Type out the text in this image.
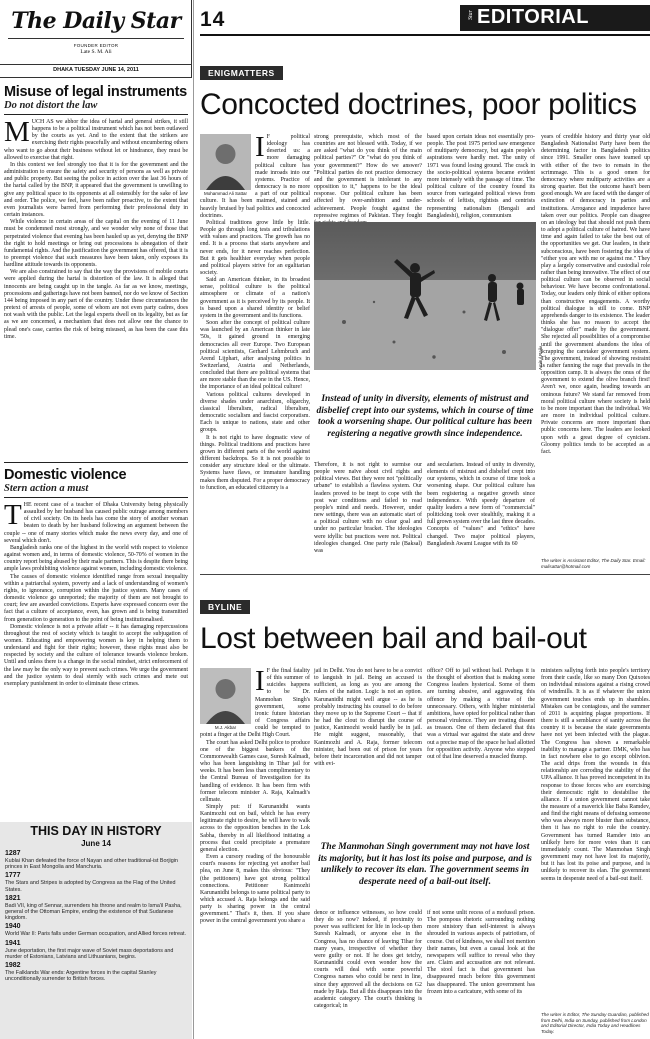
The Daily Star
FOUNDER EDITOR
Late S. M. Ali
DHAKA TUESDAY JUNE 14, 2011
Misuse of legal instruments
Do not distort the law
M UCH AS we abhor the idea of hartal and general strikes, it still happens to be a political instrument which has not been outlawed by the courts as yet. And to the extent that the strikers are exercising their rights peacefully and without encumbering others who want to go about their business without let or hindrance, they must be allowed to exercise that right.

In this context we feel strongly too that it is for the government and the administration to ensure the safety and security of persons as well as private and public property. But seeing the police in action over the last 36 hours of the hartal called by the BNP, it appeared that the government is unwilling to give any political space to its opponents at all ostensibly for the sake of law and order. The police, we feel, have been rather proactive, to the extent that even journalists were barred from performing their professional duty in certain instances.

While violence in certain areas of the capital on the evening of 11 June must be condemned most strongly, and we wonder why none of those that perpetrated violence that evening has been hauled up as yet, denying the BNP the right to hold meetings or bring out processions is abnegation of their fundamental rights. And the justification the government has offered, that it is to preempt violence that such measures have been taken, only exposes its hardline attitude towards its opponents.

We are also constrained to say that the way the provisions of mobile courts were applied during the hartal is distortion of the law. It is alleged that innocents are being caught up in the tangle. As far as we know, meetings, processions and gatherings have not been banned, nor do we know of Section 144 being imposed in any part of the country. Under these circumstances the pretext of arrests of people, some of whom are not even party cadres, does not wash with the public. Let the legal experts dwell on its legality, but as far as we are concerned, a mechanism that does not allow one the chance to plead one's case, carries the risk of being misused, as has been the case this time.

Domestic violence
Stern action a must
T HE recent case of a teacher of Dhaka University being physically assaulted by her husband has caused public outrage among members of civil society. On its heels has come the story of another woman beaten to death by her husband following an argument between the couple -- one of many stories which make the news every day, and one of several which don't.

Bangladesh ranks one of the highest in the world with respect to violence against women and, in terms of domestic violence, 50-70% of women in the country report being abused by their male partners. This is despite there being ample laws prohibiting violence against women, including domestic violence.

The causes of domestic violence identified range from sexual inequality within a patriarchal system, poverty and a lack of understanding of women's rights, to ignorance, corruption within the justice system. Many cases of domestic violence go unreported; the majority of them are not brought to court; few are awarded convictions. Experts have expressed concern over the fact that a culture of acceptance, even, has grown and is being transmitted from generation to generation to the point of being institutionalised.

Domestic violence is not a private affair -- it has damaging repercussions throughout the rest of society which is taught to accept the subjugation of women. Educating and empowering women is key in helping them to understand and fight for their rights; however, these rights must also be respected by society and the culture of tolerance towards violence broken. Until and unless there is a change in the social mindset, strict enforcement of the law may be the only way to prevent such crimes. We urge the government and the justice system to deal sternly with such crimes and mete out exemplary punishment in order to eliminate these crimes.

THIS DAY IN HISTORY
June 14
1287
Kublai Khan defeated the force of Nayan and other traditional-ist Borjigin princes in East Mongolia and Manchuria.
1777
The Stars and Stripes is adopted by Congress as the Flag of the United States.
1821
Badi VII, king of Sennar, surrenders his throne and realm to Isma'il Pasha, general of the Ottoman Empire, ending the existence of that Sudanese kingdom.
1940
World War II: Paris falls under German occupation, and Allied forces retreat.
1941
June deportation, the first major wave of Soviet mass deportations and murder of Estonians, Latvians and Lithuanians, begins.
1982
The Falklands War ends: Argentine forces in the capital Stanley unconditionally surrender to British forces.
14	Star EDITORIAL
ENIGMATTERS
Concocted doctrines, poor politics
Mohammad Ali Sattar
I F political ideology has deserted us: a more damaging political culture has made inroads into our systems. Practice of democracy is no more a part of our political culture. It has been maimed, stained and heavily bruised by bad politics and concocted doctrines.

Political traditions grow little by little. People go through long tests and tribulations with values and practices. The growth has no end. It is a process that starts anywhere and never ends, for it never reaches perfection. But it gets healthier everyday when people and political players strive for an egalitarian society.

Said an American thinker, in its broadest sense, political culture is the political atmosphere or climate of a nation's government as it is perceived by its people. It is based upon a shared identity or belief system in the government and its functions.

Soon after the concept of political culture was launched by an American thinker in late '50s, it gained ground in emerging democracies all over Europe. Two European political scientists, Gerhard Lehmbruch and Arend Lijphart, after analysing politics in Switzerland, Austria and Netherlands, concluded that there are political systems that are more stable than the one in the US. Hence, the importance of an ideal political culture!

Various political cultures developed in diverse shades under anarchism, oligarchy, classical liberalism, radical liberalism, democratic socialism and fascist corporatism. Each is unique to nations, state and other groups.

It is not right to have dogmatic view of things. Political traditions and practices have grown in different parts of the world against different backdrops. So it is not possible to consider any structure ideal or the ultimate. Systems have flaws, or immature handling makes them disputed. For a proper democracy to function, an educated citizenry is a

strong prerequisite, which most of the countries are not blessed with. Today, if we are asked "what do you think of the main political parties?" Or "what do you think of your government?" How do we answer? "Political parties do not practice democracy and the government is intolerant to any opposition to it," happens to be the ideal response. Our political culture has been affected by over-ambition and under-achievement. People fought against the repressive regimes of Pakistan. They fought

based upon certain ideas not essentially pro-people. The post 1975 period saw emergence of multiparty democracy, but again people's aspirations were hardly met. The unity of 1971 was found losing ground. The crack in the socio-political systems became evident more intensely with the passage of time. The political culture of the country found its source from variegated political views from schools of leftists, rightists and centrists representing nationalism (Bengali and Bangladeshi), religion, communism

years of credible history and thirty year old Bangladesh Nationalist Party have been the determining factor in Bangladesh politics since 1991. Smaller ones have teamed up with either of the two to remain in the scrimmage. This is a good omen for democracy where multiparty activities are a strong quarter. But the outcome hasn't been good enough. We are faced with the danger of extinction of democracy in parties and institutions. Arrogance and impudence have taken over our politics. People can disagree on an ideology but that should not push them to adopt a political culture of hatred. We have time and again failed to take the best out of the opportunities we get. Our leaders, in their subconscious, have been fostering the idea of "either you are with me or against me." They play a largely conservative and custodial role rather than being innovative. The effect of our political culture can be observed in social behaviour. We have become confrontational. Today, our leaders only think of either options than constructive engagements. A worthy political dialogue is still to come. BNP apprehends danger to its existence. The leader thinks she has no reason to accept the "dialogue offer" made by the government. She rejected all possibilities of a compromise until the government abandons the idea of scrapping the caretaker government system. The government, instead of showing restraint is rather fanning the rage that prevails in the opposition camp. It is always the onus of the government to extend the olive branch first! Aren't we, once again, heading towards an ominous future? We stand far removed from moral political culture where society is held to be more important than the individual. We are more in individual political culture. Private concerns are more important than public concerns here. The leaders are looked upon with a great degree of cynicism. Gloomy politics tends to be accepted as a fact.

Amirul Rajiv
Instead of unity in diversity, elements of mistrust and disbelief crept into our systems, which in course of time took a worsening shape. Our political culture has been registering a negative growth since independence.

Therefore, it is not right to surmise our people were naïve about civil rights and political views. But they were not "politically urbane" to establish a flawless system. Our leaders proved to be inept to cope with the post war conditions and failed to read people's mind and needs. However, under new settings, there was an automatic start of a political culture with no clear goal and under no particular bracket. The ideologies were idyllic but practices were not. Political ideologies changed. One party rule (Baksal) was

and secularism. Instead of unity in diversity, elements of mistrust and disbelief crept into our systems, which in course of time took a worsening shape. Our political culture has been registering a negative growth since independence. With speedy departure of quality leaders a new form of "commercial" politicking took over stealthily, making it a full grown system over the last three decades. Concepts of "values" and "ethics" have changed. Two major political players, Bangladesh Awami League with its 60

The writer is Assistant Editor, The Daily Star. Email: malisattar@hotmail.com
BYLINE
Lost between bail and bail-out
M.J. Akbar
I F the final fatality of this summer of suicides happens to be Dr. Manmohan Singh's government, some ironic future historian of Congress affairs could be tempted to point a finger at the Delhi High Court.

The court has asked Delhi police to produce one of the biggest bankers of the Commonwealth Games case, Suresh Kalmadi, who has been languishing in Tihar jail for weeks. It has been less than complimentary to the Central Bureau of Investigation for its handling of evidence. It has been firm with former telecom minister A. Raja, Kalmadi's cellmate.

Simply put: if Karunanidhi wants Kanimozhi out on bail, which he has every legitimate right to desire, he will have to walk across to the opposition benches in the Lok Sabha, thereby in all likelihood initiating a process that could precipitate a premature general election.

Even a cursory reading of the honourable court's reasons for rejecting yet another bail plea, on June 8, makes this obvious: "They (the petitioners) have got strong political connections. Petitioner Kanimozhi Karunanidhi belongs to same political party to which accused A. Raja belongs and the said party is sharing power in the central government." That's it, then. If you share power in the central government you share a

jail in Delhi. You do not have to be a convict to languish in jail. Being an accused is sufficient, as long as you are among the rulers of the nation. Logic is not an option. Karunanidhi might well argue -- as he is probably instructing his counsel to do before they move up to the Supreme Court -- that if he had the clout to disrupt the course of justice, Kanimozhi would hardly be in jail. He might suggest, reasonably, that Kanimozhi and A. Raja, former telecom minister, had been out of prison for years before their incarceration and did not tamper with evi-

office? Off to jail without bail. Perhaps it is the thought of abortion that is making some Congress leaders hysterical. Some of them are turning abusive, and aggravating this offence by making a virtue of the unnecessary. Others, with higher ministerial ambitions, have opted for political rather than personal virulence. They are treating dissent as treason. One of them declared that this was a virtual war against the state and drew out a precise map of the space he had allotted for opposition activity. Anyone who stepped out of that line deserved a muscled thump.

ministers sallying forth into people's territory from their castle, like so many Don Quixotes on individual missions against a rising crowd of windmills. It is as if whatever the union government touches ends up in shambles. Mistakes can be contagious, and the summer of 2011 is acquiring plague proportions. If there is still a semblance of sanity across the country it is because the state governments have not yet been infected with the plague. The Congress has shown a remarkable inability to manage a partner. DMK, who has in fact nowhere else to go except oblivion. The acid drips from the wounds in this relationship are corroding the stability of the UPA alliance. It has proved incompetent in its response to those forces who are exercising their democratic right to destabilise the alliance. If a union government cannot take the measure of a maverick like Baba Ramdev, and find the right means of defusing someone who was always more bluster than substance, then it has no right to rule the country. Government has turned Ramdev into an unlikely hero for more votes than it can immediately count. The Manmohan Singh government may not have lost its majority, but it has lost its poise and purpose, and is unlikely to recover its elan. The government seems in desperate need of a bail-out itself.

The Manmohan Singh government may not have lost its majority, but it has lost its poise and purpose, and is unlikely to recover its elan. The government seems in desperate need of a bail-out itself.

dence or influence witnesses, so how could they do so now? Indeed, if proximity to power was sufficient for life in lock-up then Suresh Kalmadi, or anyone else in the Congress, has no chance of leaving Tihar for many years, irrespective of whether they were guilty or not. If he does get tetchy, Karunanidhi could even wonder how the courts will deal with some powerful Congress names who could be next in line, since they approved all the decisions on G2 made by Raja. But all this disappears into the academic category. The court's thinking is categorical; in

if not some unlit recess of a mofussil prison. The pompous rhetoric surrounding nothing more sinistory than self-interest is always shrouded in various aspects of patriotism, of course. Out of kindness, we shall not mention their names, but even a casual look at the newspapers will suffice to reveal who they are. Claim and accusation are not relevant. The stool fact is that government has disappeared much before this government has disappeared. The union government has frozen into a caricature, with some of its

The writer is Editor, The Sunday Guardian, published from Delhi, India on Sunday, published from London and Editorial Director, India Today and Headlines Today.
